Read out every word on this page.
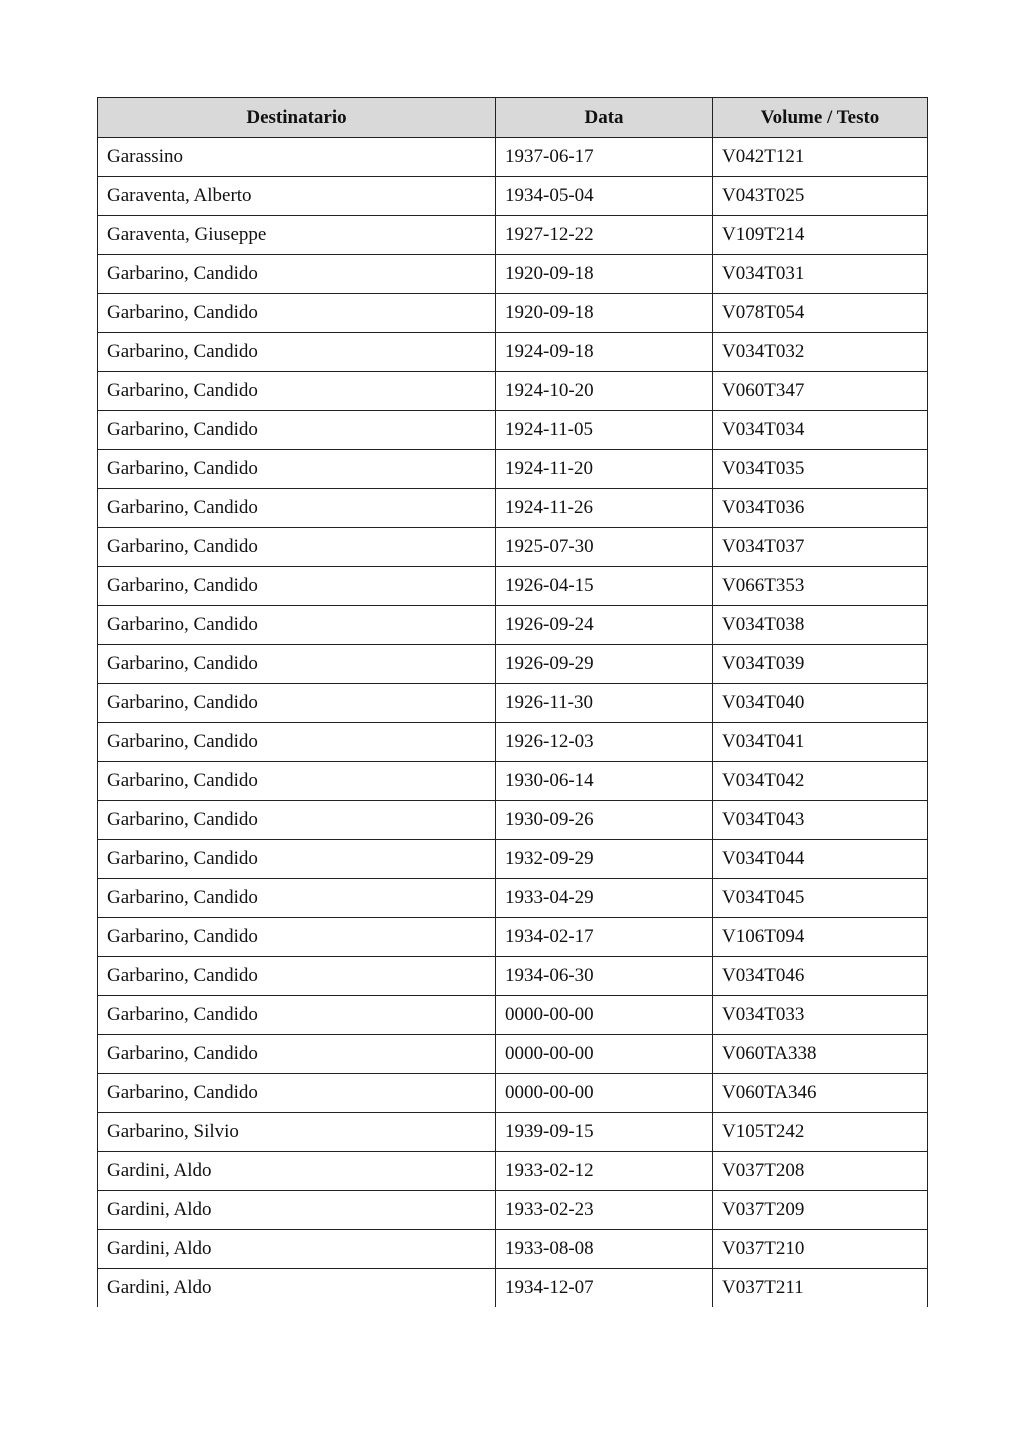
Destinatario	Data	Volume / Testo
Garassino	1937-06-17	V042T121
Garaventa, Alberto	1934-05-04	V043T025
Garaventa, Giuseppe	1927-12-22	V109T214
Garbarino, Candido	1920-09-18	V034T031
Garbarino, Candido	1920-09-18	V078T054
Garbarino, Candido	1924-09-18	V034T032
Garbarino, Candido	1924-10-20	V060T347
Garbarino, Candido	1924-11-05	V034T034
Garbarino, Candido	1924-11-20	V034T035
Garbarino, Candido	1924-11-26	V034T036
Garbarino, Candido	1925-07-30	V034T037
Garbarino, Candido	1926-04-15	V066T353
Garbarino, Candido	1926-09-24	V034T038
Garbarino, Candido	1926-09-29	V034T039
Garbarino, Candido	1926-11-30	V034T040
Garbarino, Candido	1926-12-03	V034T041
Garbarino, Candido	1930-06-14	V034T042
Garbarino, Candido	1930-09-26	V034T043
Garbarino, Candido	1932-09-29	V034T044
Garbarino, Candido	1933-04-29	V034T045
Garbarino, Candido	1934-02-17	V106T094
Garbarino, Candido	1934-06-30	V034T046
Garbarino, Candido	0000-00-00	V034T033
Garbarino, Candido	0000-00-00	V060TA338
Garbarino, Candido	0000-00-00	V060TA346
Garbarino, Silvio	1939-09-15	V105T242
Gardini, Aldo	1933-02-12	V037T208
Gardini, Aldo	1933-02-23	V037T209
Gardini, Aldo	1933-08-08	V037T210
Gardini, Aldo	1934-12-07	V037T211
